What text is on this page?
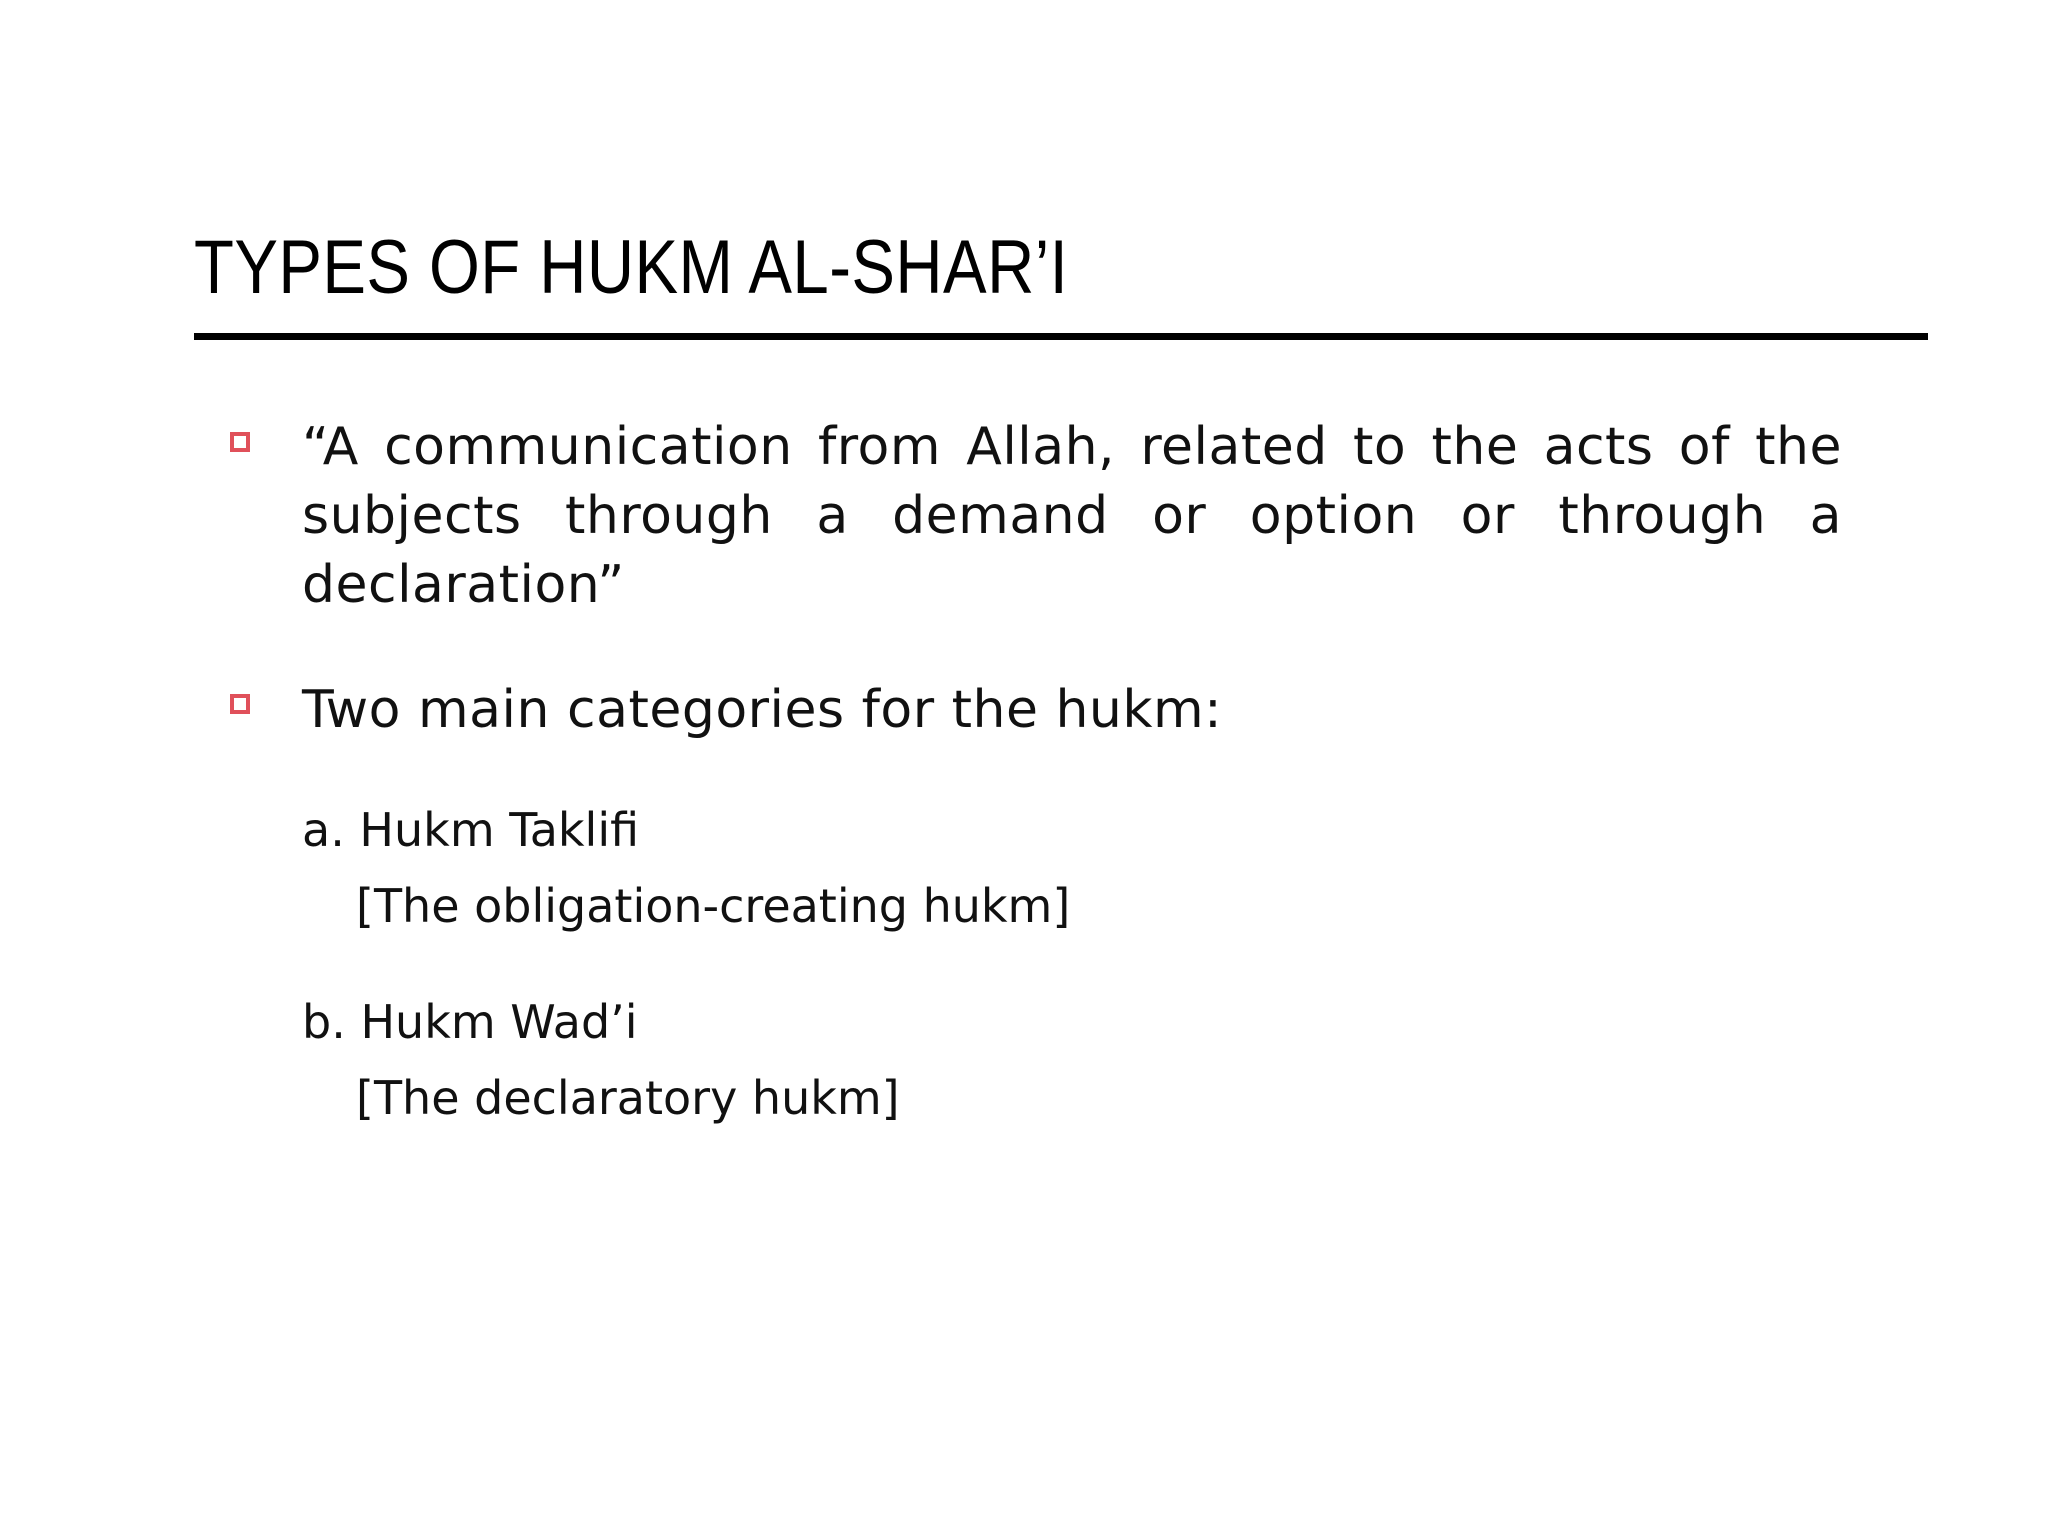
TYPES OF HUKM AL-SHAR’I

“A communication from Allah, related to the acts of the subjects through a demand or option or through a declaration”

Two main categories for the hukm:

a. Hukm Taklifi

[The obligation-creating hukm]

b. Hukm Wad’i

[The declaratory hukm]
